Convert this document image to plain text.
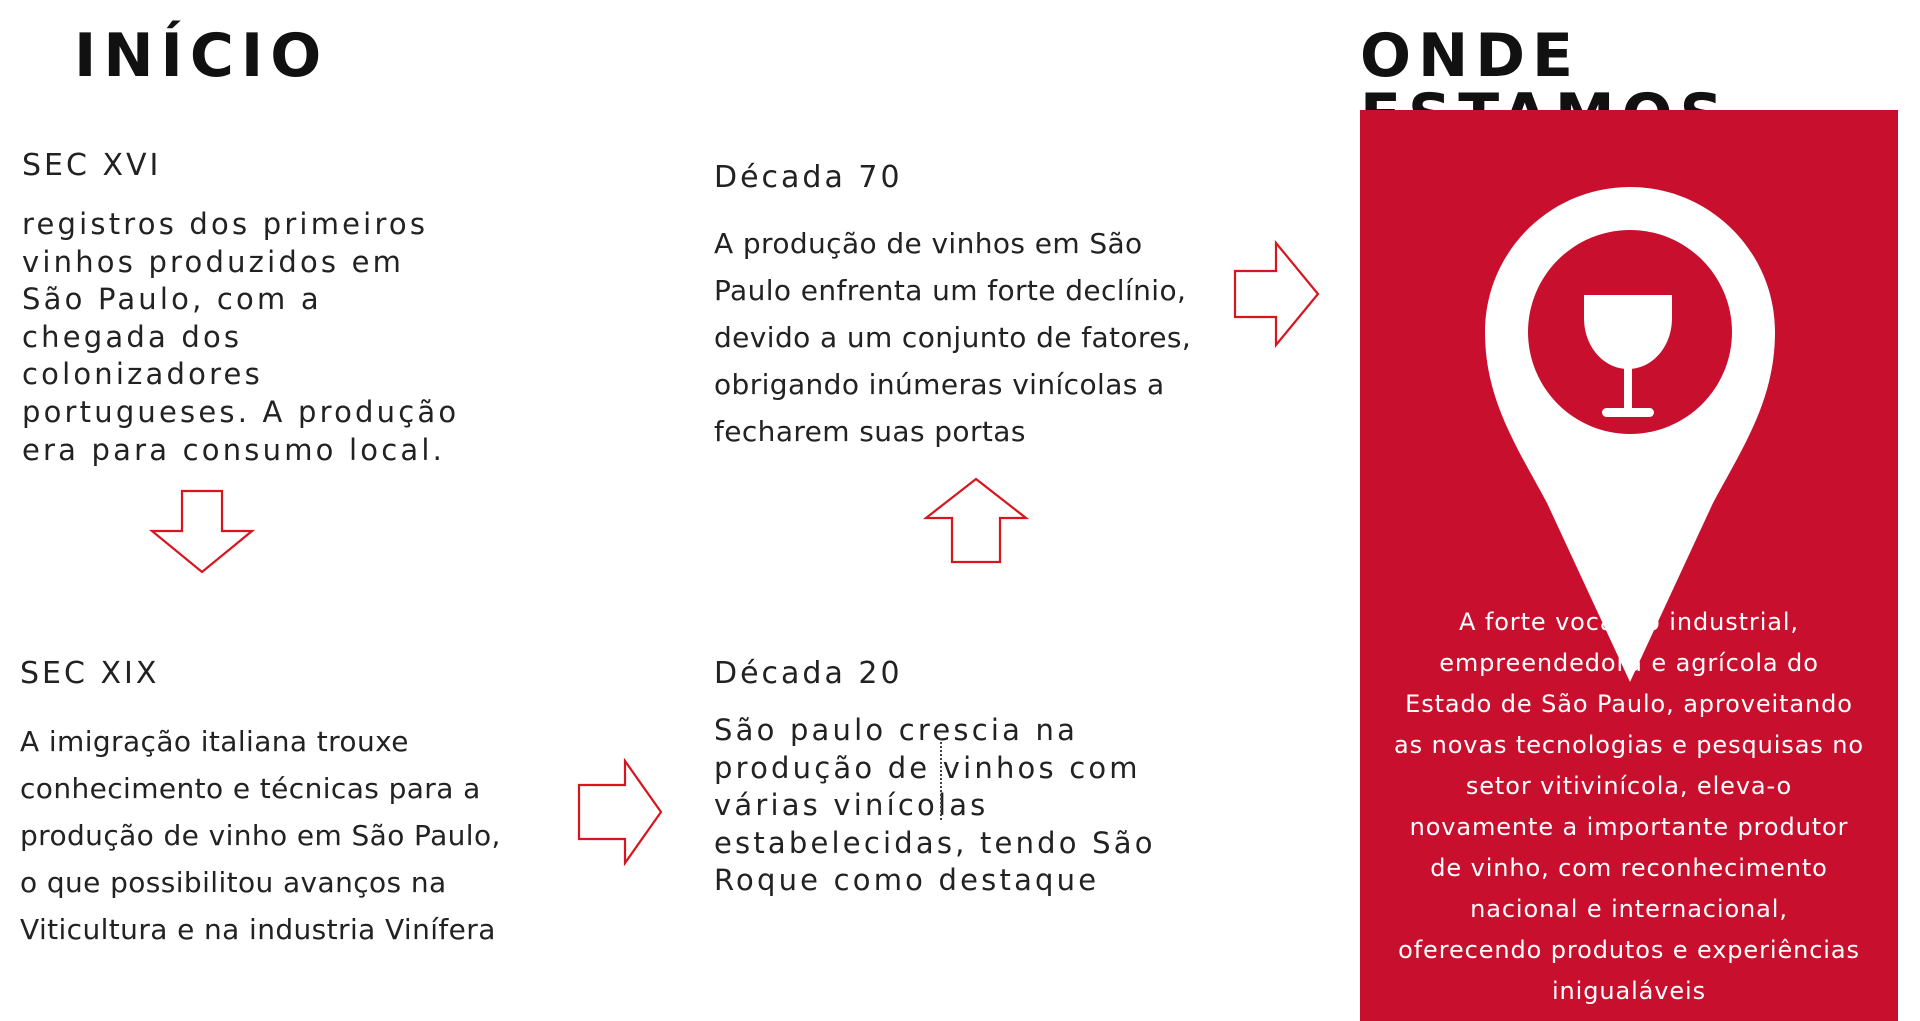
INÍCIO	ONDE

SEC XVI

registros dos primeiros
vinhos produzidos em
São Paulo, com a
chegada dos
colonizadores
portugueses. A produção
era para consumo local.

Década 70

A produção de vinhos em São
Paulo enfrenta um forte declínio,
devido a um conjunto de fatores,
obrigando inúmeras vinícolas a
fecharem suas portas

SEC XIX

A imigração italiana trouxe
conhecimento e técnicas para a
produção de vinho em São Paulo,
o que possibilitou avanços na
Viticultura e na industria Vinífera

Década 20

São paulo crescia na
produção de vinhos com
várias vinícolas
estabelecidas, tendo São
Roque como destaque

A forte vocação industrial,
empreendedora e agrícola do
Estado de São Paulo, aproveitando
as novas tecnologias e pesquisas no
setor vitivinícola, eleva-o
novamente a importante produtor
de vinho, com reconhecimento
nacional e internacional,
oferecendo produtos e experiências
inigualáveis
